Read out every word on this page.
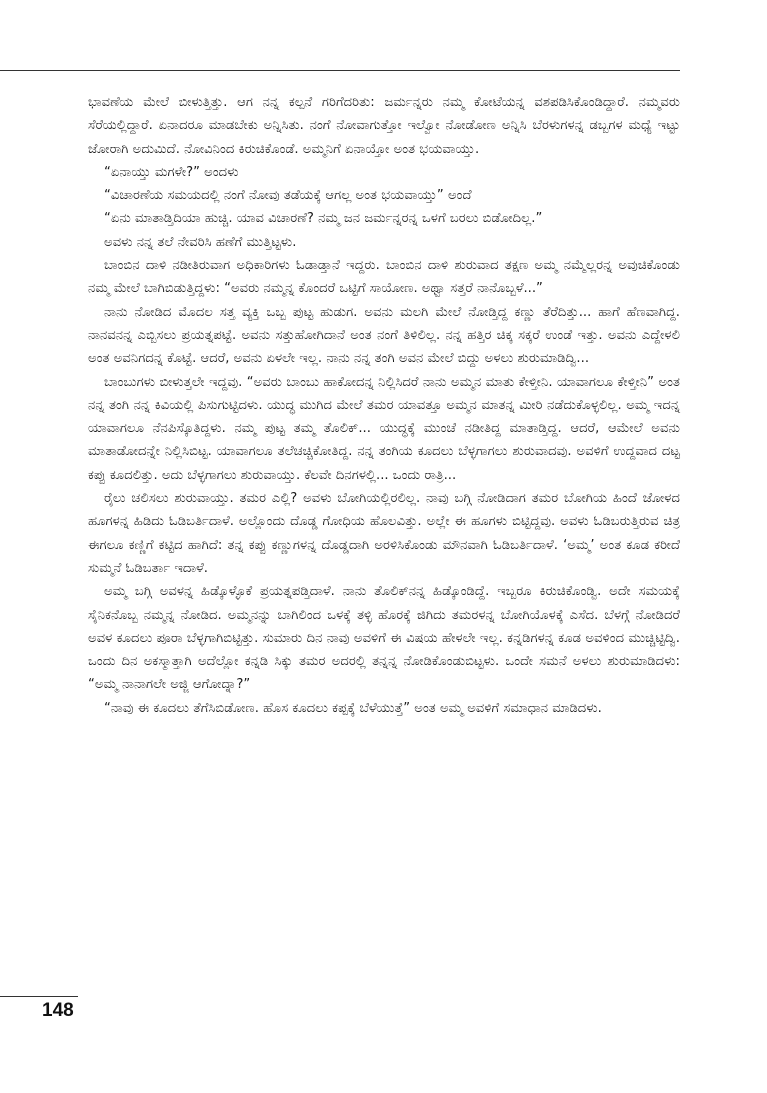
ಭಾವಣೆಯ ಮೇಲೆ ಬೀಳುತ್ತಿತ್ತು. ಆಗ ನನ್ನ ಕಲ್ಪನೆ ಗರಿಗೆದರಿತು: ಜರ್ಮನ್ನರು ನಮ್ಮ ಕೋಟೆಯನ್ನ ವಶಪಡಿಸಿಕೊಂಡಿದ್ದಾರೆ. ನಮ್ಮವರು ಸೆರೆಯಲ್ಲಿದ್ದಾರೆ. ಏನಾದರೂ ಮಾಡಬೇಕು ಅನ್ನಿಸಿತು. ನಂಗೆ ನೋವಾಗುತ್ತೋ ಇಲ್ವೋ ನೋಡೋಣ ಅನ್ನಿಸಿ ಬೆರಳುಗಳನ್ನ ಡಬ್ಬಗಳ ಮಧ್ಯೆ ಇಟ್ಟು ಜೋರಾಗಿ ಅದುಮಿದೆ. ನೋವಿನಿಂದ ಕಿರುಚಿಕೊಂಡೆ. ಅಮ್ಮನಿಗೆ ಏನಾಯ್ತೋ ಅಂತ ಭಯವಾಯ್ತು.

“ಏನಾಯ್ತು ಮಗಳೇ?” ಅಂದಳು

“ವಿಚಾರಣೆಯ ಸಮಯದಲ್ಲಿ ನಂಗೆ ನೋವು ತಡೆಯಕ್ಕೆ ಆಗಲ್ಲ ಅಂತ ಭಯವಾಯ್ತು” ಅಂದೆ

“ಏನು ಮಾತಾಡ್ತಿದಿಯಾ ಹುಚ್ಚಿ. ಯಾವ ವಿಚಾರಣೆ? ನಮ್ಮ ಜನ ಜರ್ಮನ್ನರನ್ನ ಒಳಗೆ ಬರಲು ಬಿಡೋದಿಲ್ಲ.”

ಅವಳು ನನ್ನ ತಲೆ ನೇವರಿಸಿ ಹಣೆಗೆ ಮುತ್ತಿಟ್ಟಳು.

ಬಾಂಬಿನ ದಾಳಿ ನಡೀತಿರುವಾಗ ಅಧಿಕಾರಿಗಳು ಓಡಾಡ್ತಾನೆ ಇದ್ದರು. ಬಾಂಬಿನ ದಾಳಿ ಶುರುವಾದ ತಕ್ಷಣ ಅಮ್ಮ ನಮ್ಮೆಲ್ಲರನ್ನ ಅವುಚಿಕೊಂಡು ನಮ್ಮ ಮೇಲೆ ಬಾಗಿಬಿಡುತ್ತಿದ್ದಳು: “ಅವರು ನಮ್ಮನ್ನ ಕೊಂದರೆ ಒಟ್ಟಿಗೆ ಸಾಯೋಣ. ಅಥ್ವಾ ಸತ್ತರೆ ನಾನೊಬ್ಬಳೆ...”

ನಾನು ನೋಡಿದ ಮೊದಲ ಸತ್ತ ವ್ಯಕ್ತಿ ಒಬ್ಬ ಪುಟ್ಟ ಹುಡುಗ. ಅವನು ಮಲಗಿ ಮೇಲೆ ನೋಡ್ತಿದ್ದ ಕಣ್ಣು ತೆರೆದಿತ್ತು... ಹಾಗೆ ಹೆಣವಾಗಿದ್ದ. ನಾನವನನ್ನ ಎಬ್ಬಿಸಲು ಪ್ರಯತ್ನಪಟ್ಟೆ. ಅವನು ಸತ್ತುಹೋಗಿದಾನೆ ಅಂತ ನಂಗೆ ತಿಳಿಲಿಲ್ಲ. ನನ್ನ ಹತ್ತಿರ ಚಿಕ್ಕ ಸಕ್ಕರೆ ಉಂಡೆ ಇತ್ತು. ಅವನು ಎದ್ದೇಳಲಿ ಅಂತ ಅವನಿಗದನ್ನ ಕೊಟ್ಟೆ. ಆದರೆ, ಅವನು ಏಳಲೇ ಇಲ್ಲ. ನಾನು ನನ್ನ ತಂಗಿ ಅವನ ಮೇಲೆ ಬಿದ್ದು ಅಳಲು ಶುರುಮಾಡಿದ್ವಿ...

ಬಾಂಬುಗಳು ಬೀಳುತ್ತಲೇ ಇದ್ದವು. “ಅವರು ಬಾಂಬು ಹಾಕೋದನ್ನ ನಿಲ್ಲಿಸಿದರೆ ನಾನು ಅಮ್ಮನ ಮಾತು ಕೇಳ್ತೀನಿ. ಯಾವಾಗಲೂ ಕೇಳ್ತೀನಿ” ಅಂತ ನನ್ನ ತಂಗಿ ನನ್ನ ಕಿವಿಯಲ್ಲಿ ಪಿಸುಗುಟ್ಟಿದಳು. ಯುದ್ಧ ಮುಗಿದ ಮೇಲೆ ತಮರ ಯಾವತ್ತೂ ಅಮ್ಮನ ಮಾತನ್ನ ಮೀರಿ ನಡೆದುಕೊಳ್ಳಲಿಲ್ಲ. ಅಮ್ಮ ಇದನ್ನ ಯಾವಾಗಲೂ ನೆನಪಿಸ್ಕೊತಿದ್ದಳು. ನಮ್ಮ ಪುಟ್ಟ ತಮ್ಮ ತೊಲಿಕ್... ಯುದ್ಧಕ್ಕೆ ಮುಂಚೆ ನಡೀತಿದ್ದ ಮಾತಾಡ್ತಿದ್ದ. ಆದರೆ, ಆಮೇಲೆ ಅವನು ಮಾತಾಡೋದನ್ನೇ ನಿಲ್ಲಿಸಿಬಿಟ್ಟ. ಯಾವಾಗಲೂ ತಲೆಚಚ್ಚಿಕೋತಿದ್ದ. ನನ್ನ ತಂಗಿಯ ಕೂದಲು ಬೆಳ್ಳಗಾಗಲು ಶುರುವಾದವು. ಅವಳಿಗೆ ಉದ್ದವಾದ ದಟ್ಟ ಕಪ್ಪು ಕೂದಲಿತ್ತು. ಅದು ಬೆಳ್ಳಗಾಗಲು ಶುರುವಾಯ್ತು. ಕೆಲವೇ ದಿನಗಳಲ್ಲಿ... ಒಂದು ರಾತ್ರಿ...

ರೈಲು ಚಲಿಸಲು ಶುರುವಾಯ್ತು. ತಮರ ಎಲ್ಲಿ? ಅವಳು ಬೋಗಿಯಲ್ಲಿರಲಿಲ್ಲ. ನಾವು ಬಗ್ಗಿ ನೋಡಿದಾಗ ತಮರ ಬೋಗಿಯ ಹಿಂದೆ ಜೋಳದ ಹೂಗಳನ್ನ ಹಿಡಿದು ಓಡಿಬರ್ತಿದಾಳೆ. ಅಲ್ಲೊಂದು ದೊಡ್ಡ ಗೋಧಿಯ ಹೊಲವಿತ್ತು. ಅಲ್ಲೇ ಈ ಹೂಗಳು ಬಿಟ್ಟಿದ್ದವು. ಅವಳು ಓಡಿಬರುತ್ತಿರುವ ಚಿತ್ರ ಈಗಲೂ ಕಣ್ಣಿಗೆ ಕಟ್ಟಿದ ಹಾಗಿದೆ: ತನ್ನ ಕಪ್ಪು ಕಣ್ಣುಗಳನ್ನ ದೊಡ್ಡದಾಗಿ ಅರಳಿಸಿಕೊಂಡು ಮೌನವಾಗಿ ಓಡಿಬರ್ತಿದಾಳೆ. ‘ಅಮ್ಮ’ ಅಂತ ಕೂಡ ಕರೀದೆ ಸುಮ್ಮನೆ ಓಡಿಬರ್ತಾ ಇದಾಳೆ.

ಅಮ್ಮ ಬಗ್ಗಿ ಅವಳನ್ನ ಹಿಡ್ಕೊಳ್ಳೊಕೆ ಪ್ರಯತ್ನಪಡ್ತಿದಾಳೆ. ನಾನು ತೊಲಿಕ್‌ನನ್ನ ಹಿಡ್ಕೊಂಡಿದ್ದೆ. ಇಬ್ಬರೂ ಕಿರುಚಿಕೊಂಡ್ವಿ. ಅದೇ ಸಮಯಕ್ಕೆ ಸೈನಿಕನೊಬ್ಬ ನಮ್ಮನ್ನ ನೋಡಿದ. ಅಮ್ಮನನ್ನು ಬಾಗಿಲಿಂದ ಒಳಕ್ಕೆ ತಳ್ಳಿ ಹೊರಕ್ಕೆ ಜಿಗಿದು ತಮರಳನ್ನ ಬೋಗಿಯೊಳಕ್ಕೆ ಎಸೆದ. ಬೆಳಗ್ಗೆ ನೋಡಿದರೆ ಅವಳ ಕೂದಲು ಪೂರಾ ಬೆಳ್ಳಗಾಗಿಬಿಟ್ಟಿತ್ತು. ಸುಮಾರು ದಿನ ನಾವು ಅವಳಿಗೆ ಈ ವಿಷಯ ಹೇಳಲೇ ಇಲ್ಲ. ಕನ್ನಡಿಗಳನ್ನ ಕೂಡ ಅವಳಿಂದ ಮುಚ್ಚಿಟ್ಟಿದ್ವಿ. ಒಂದು ದಿನ ಅಕಸ್ಮಾತ್ತಾಗಿ ಅದೆಲ್ಲೋ ಕನ್ನಡಿ ಸಿಕ್ಕು ತಮರ ಅದರಲ್ಲಿ ತನ್ನನ್ನ ನೋಡಿಕೊಂಡುಬಿಟ್ಟಳು. ಒಂದೇ ಸಮನೆ ಅಳಲು ಶುರುಮಾಡಿದಳು: “ಅಮ್ಮ ನಾನಾಗಲೇ ಅಜ್ಜಿ ಆಗೋದ್ನಾ?”

“ನಾವು ಈ ಕೂದಲು ತೆಗೆಸಿಬಿಡೋಣ. ಹೊಸ ಕೂದಲು ಕಪ್ಪಕ್ಕೆ ಬೆಳೆಯುತ್ತೆ” ಅಂತ ಅಮ್ಮ ಅವಳಿಗೆ ಸಮಾಧಾನ ಮಾಡಿದಳು.

148
